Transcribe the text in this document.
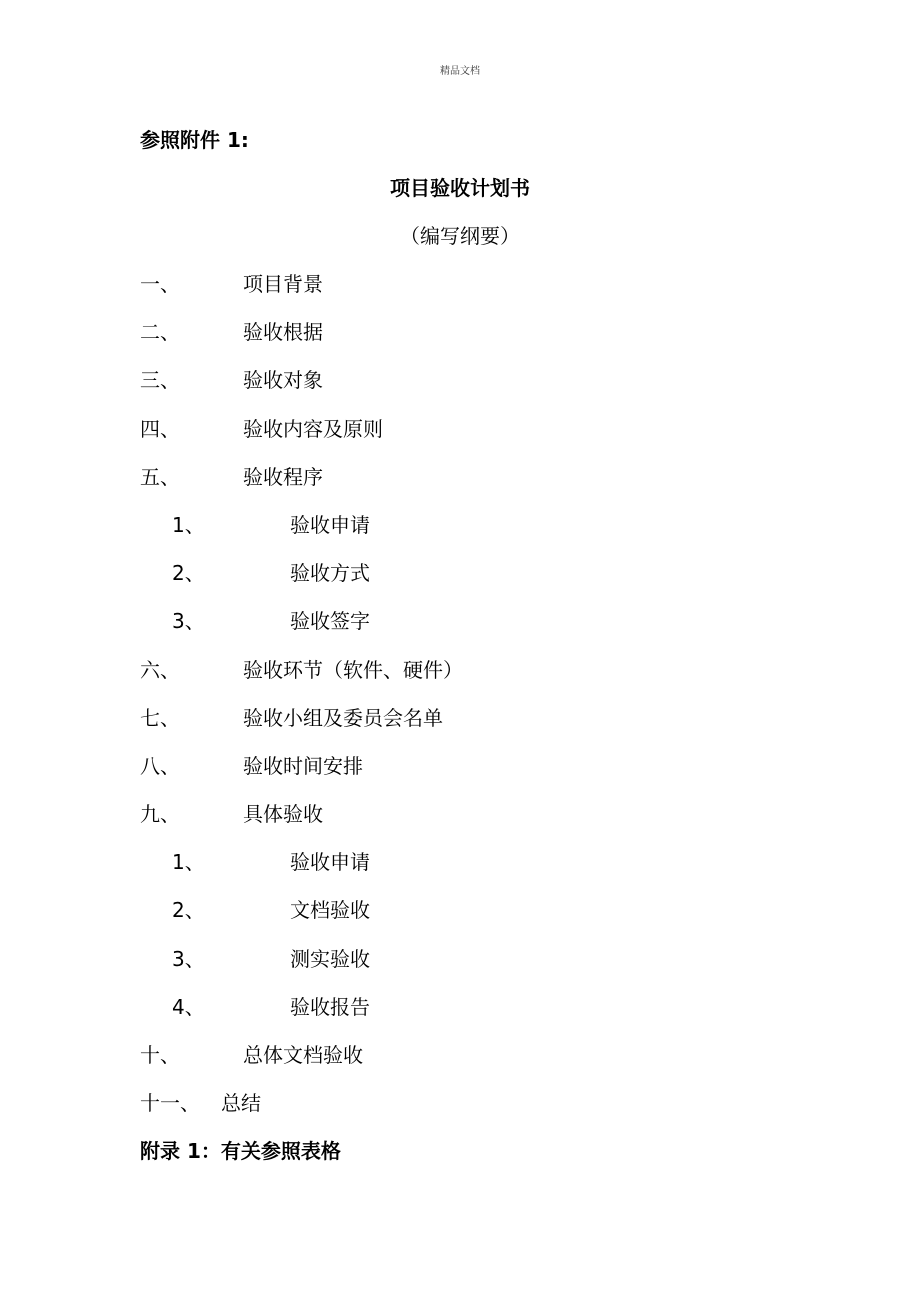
精品文档
参照附件 1:
项目验收计划书
（编写纲要）
一、	项目背景
二、	验收根据
三、	验收对象
四、	验收内容及原则
五、	验收程序
1、	验收申请
2、	验收方式
3、	验收签字
六、	验收环节（软件、硬件）
七、	验收小组及委员会名单
八、	验收时间安排
九、	具体验收
1、	验收申请
2、	文档验收
3、	测实验收
4、	验收报告
十、	总体文档验收
十一、 总结
附录 1：有关参照表格
